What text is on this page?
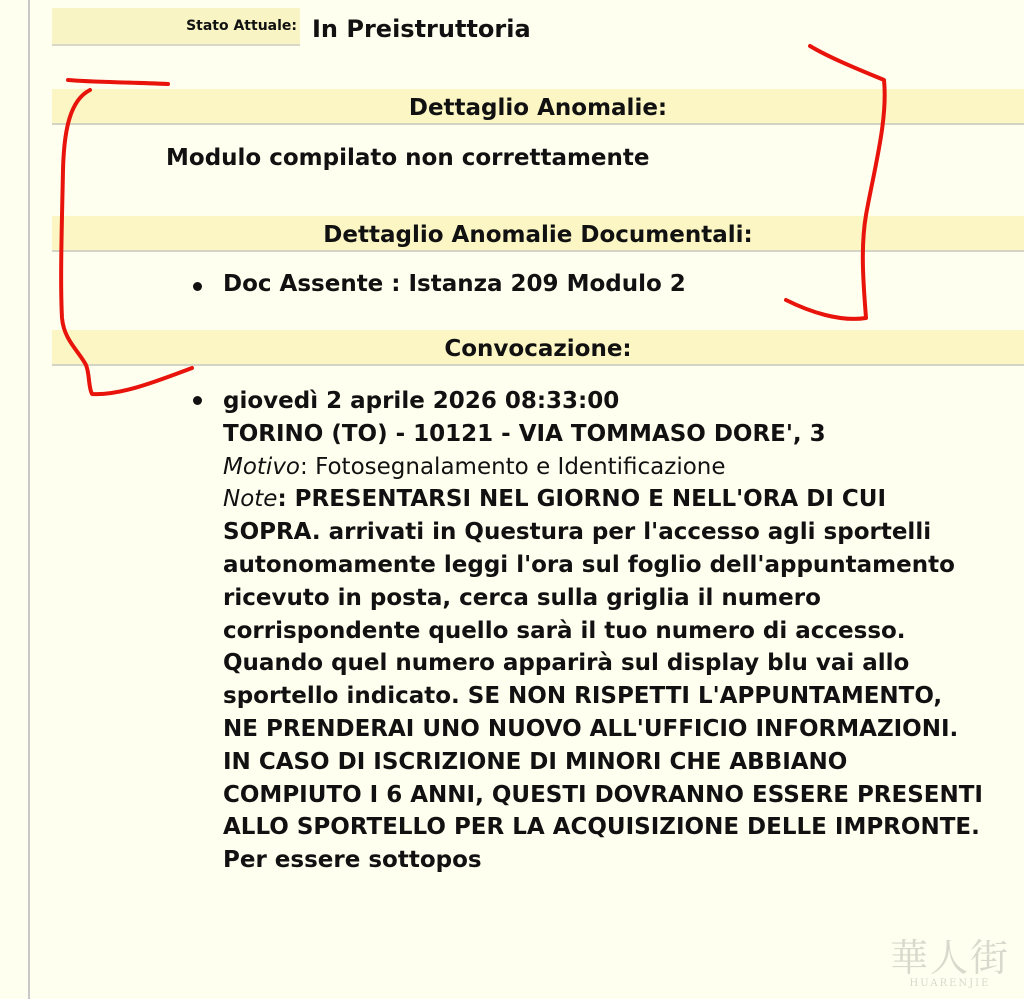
Stato Attuale: In Preistruttoria
Dettaglio Anomalie:
Modulo compilato non correttamente
Dettaglio Anomalie Documentali:
Doc Assente : Istanza 209 Modulo 2
Convocazione:
giovedì 2 aprile 2026 08:33:00
TORINO (TO) - 10121 - VIA TOMMASO DORE', 3
Motivo: Fotosegnalamento e Identificazione
Note: PRESENTARSI NEL GIORNO E NELL'ORA DI CUI SOPRA. arrivati in Questura per l'accesso agli sportelli autonomamente leggi l'ora sul foglio dell'appuntamento ricevuto in posta, cerca sulla griglia il numero corrispondente quello sarà il tuo numero di accesso. Quando quel numero apparirà sul display blu vai allo sportello indicato. SE NON RISPETTI L'APPUNTAMENTO, NE PRENDERAI UNO NUOVO ALL'UFFICIO INFORMAZIONI. IN CASO DI ISCRIZIONE DI MINORI CHE ABBIANO COMPIUTO I 6 ANNI, QUESTI DOVRANNO ESSERE PRESENTI ALLO SPORTELLO PER LA ACQUISIZIONE DELLE IMPRONTE. Per essere sottopos
華人街
HUARENJIE
